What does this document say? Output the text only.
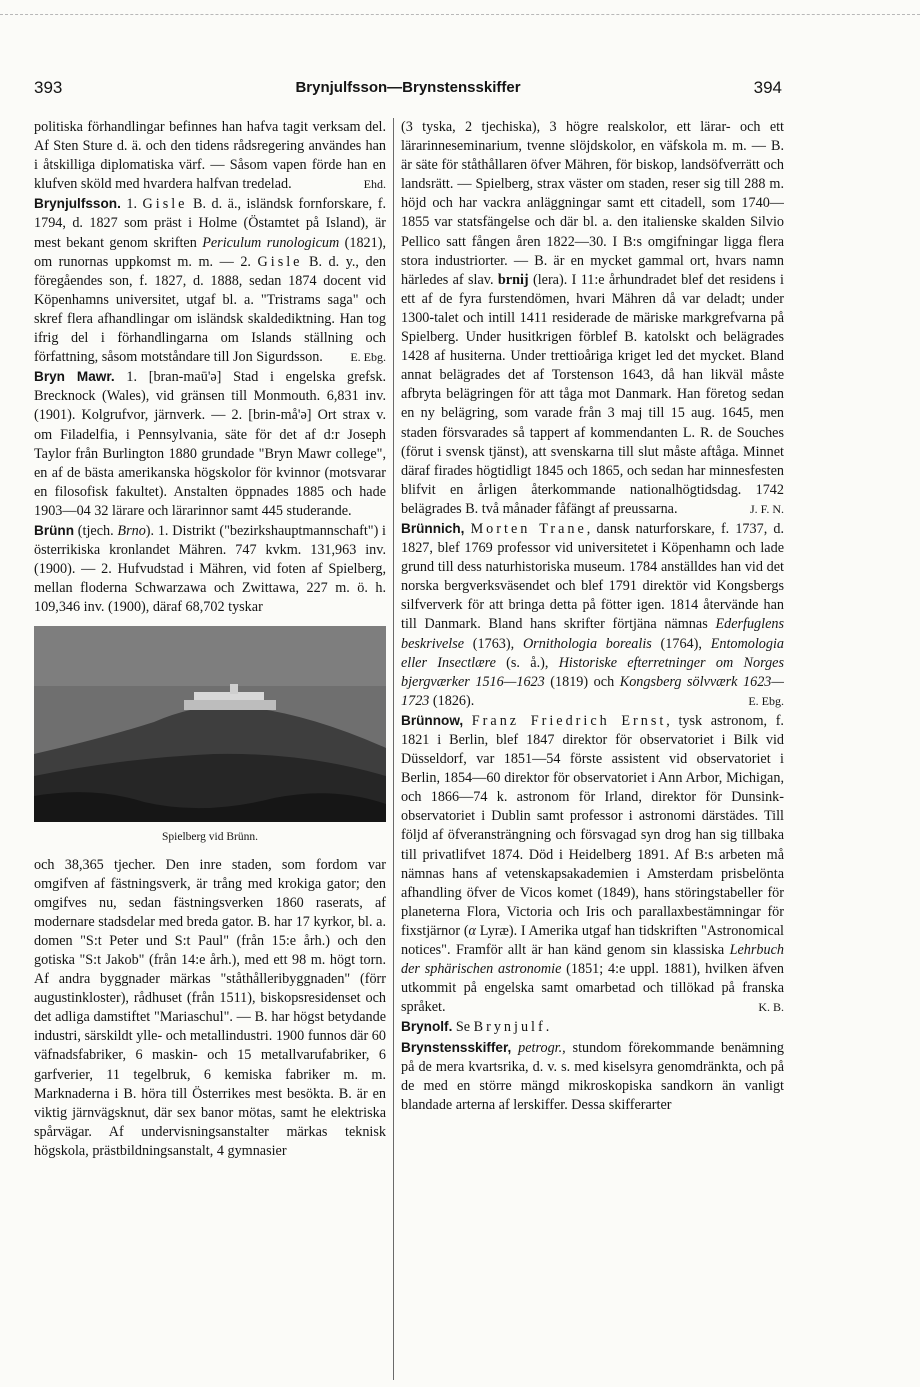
393	Brynjulfsson—Brynstensskiffer	394

politiska förhandlingar befinnes han hafva tagit verksam del. Af Sten Sture d. ä. och den tidens rådsregering användes han i åtskilliga diplomatiska värf. — Såsom vapen förde han en klufven sköld med hvardera halfvan tredelad.	Ehd.

Brynjulfsson. 1. Gisle B. d. ä., isländsk fornforskare, f. 1794, d. 1827 som präst i Holme (Östamtet på Island), är mest bekant genom skriften Periculum runologicum (1821), om runornas uppkomst m. m. — 2. Gisle B. d. y., den föregåendes son, f. 1827, d. 1888, sedan 1874 docent vid Köpenhamns universitet, utgaf bl. a. "Tristrams saga" och skref flera afhandlingar om isländsk skaldediktning. Han tog ifrig del i förhandlingarna om Islands ställning och författning, såsom motståndare till Jon Sigurdsson. E. Ebg.

Bryn Mawr. 1. [bran-maū'ə] Stad i engelska grefsk. Brecknock (Wales), vid gränsen till Monmouth. 6,831 inv. (1901). Kolgrufvor, järnverk. — 2. [brin-må'ə] Ort strax v. om Filadelfia, i Pennsylvania, säte för det af d:r Joseph Taylor från Burlington 1880 grundade "Bryn Mawr college", en af de bästa amerikanska högskolor för kvinnor (motsvarar en filosofisk fakultet). Anstalten öppnades 1885 och hade 1903—04 32 lärare och lärarinnor samt 445 studerande.

Brünn (tjech. Brno). 1. Distrikt ("bezirkshauptmannschaft") i österrikiska kronlandet Mähren. 747 kvkm. 131,963 inv. (1900). — 2. Hufvudstad i Mähren, vid foten af Spielberg, mellan floderna Schwarzawa och Zwittawa, 227 m. ö. h. 109,346 inv. (1900), däraf 68,702 tyskar

Spielberg vid Brünn.

och 38,365 tjecher. Den inre staden, som fordom var omgifven af fästningsverk, är trång med krokiga gator; den omgifves nu, sedan fästningsverken 1860 raserats, af modernare stadsdelar med breda gator. B. har 17 kyrkor, bl. a. domen "S:t Peter und S:t Paul" (från 15:e årh.) och den gotiska "S:t Jakob" (från 14:e årh.), med ett 98 m. högt torn. Af andra byggnader märkas "ståthålleribyggnaden" (förr augustinkloster), rådhuset (från 1511), biskopsresidenset och det adliga damstiftet "Mariaschul". — B. har högst betydande industri, särskildt ylle- och metallindustri. 1900 funnos där 60 väfnadsfabriker, 6 maskin- och 15 metallvarufabriker, 6 garfverier, 11 tegelbruk, 6 kemiska fabriker m. m. Marknaderna i B. höra till Österrikes mest besökta. B. är en viktig järnvägsknut, där sex banor mötas, samt he elektriska spårvägar. Af undervisningsanstalter märkas teknisk högskola, prästbildningsanstalt, 4 gymnasier

(3 tyska, 2 tjechiska), 3 högre realskolor, ett lärar- och ett lärarinneseminarium, tvenne slöjdskolor, en väfskola m. m. — B. är säte för ståthållaren öfver Mähren, för biskop, landsöfverrätt och landsrätt. — Spielberg, strax väster om staden, reser sig till 288 m. höjd och har vackra anläggningar samt ett citadell, som 1740—1855 var statsfängelse och där bl. a. den italienske skalden Silvio Pellico satt fången åren 1822—30. I B:s omgifningar ligga flera stora industriorter. — B. är en mycket gammal ort, hvars namn härledes af slav. brnij (lera). I 11:e århundradet blef det residens i ett af de fyra furstendömen, hvari Mähren då var deladt; under 1300-talet och intill 1411 residerade de märiske markgrefvarna på Spielberg. Under husitkrigen förblef B. katolskt och belägrades 1428 af husiterna. Under trettioåriga kriget led det mycket. Bland annat belägrades det af Torstenson 1643, då han likväl måste afbryta belägringen för att tåga mot Danmark. Han företog sedan en ny belägring, som varade från 3 maj till 15 aug. 1645, men staden försvarades så tappert af kommendanten L. R. de Souches (förut i svensk tjänst), att svenskarna till slut måste aftåga. Minnet däraf firades högtidligt 1845 och 1865, och sedan har minnesfesten blifvit en årligen återkommande nationalhögtidsdag. 1742 belägrades B. två månader fåfängt af preussarna.	J. F. N.

Brünnich, Morten Trane, dansk naturforskare, f. 1737, d. 1827, blef 1769 professor vid universitetet i Köpenhamn och lade grund till dess naturhistoriska museum. 1784 anställdes han vid det norska bergverksväsendet och blef 1791 direktör vid Kongsbergs silfververk för att bringa detta på fötter igen. 1814 återvände han till Danmark. Bland hans skrifter förtjäna nämnas Ederfuglens beskrivelse (1763), Ornithologia borealis (1764), Entomologia eller Insectlære (s. å.), Historiske efterretninger om Norges bjergværker 1516—1623 (1819) och Kongsberg sölvværk 1623—1723 (1826).	E. Ebg.

Brünnow, Franz Friedrich Ernst, tysk astronom, f. 1821 i Berlin, blef 1847 direktor för observatoriet i Bilk vid Düsseldorf, var 1851—54 förste assistent vid observatoriet i Berlin, 1854—60 direktor för observatoriet i Ann Arbor, Michigan, och 1866—74 k. astronom för Irland, direktor för Dunsink-observatoriet i Dublin samt professor i astronomi därstädes. Till följd af öfveransträngning och försvagad syn drog han sig tillbaka till privatlifvet 1874. Död i Heidelberg 1891. Af B:s arbeten må nämnas hans af vetenskapsakademien i Amsterdam prisbelönta afhandling öfver de Vicos komet (1849), hans störingstabeller för planeterna Flora, Victoria och Iris och parallaxbestämningar för fixstjärnor (α Lyræ). I Amerika utgaf han tidskriften "Astronomical notices". Framför allt är han känd genom sin klassiska Lehrbuch der sphärischen astronomie (1851; 4:e uppl. 1881), hvilken äfven utkommit på engelska samt omarbetad och tillökad på franska språket.	K. B.

Brynolf. Se Brynjulf.

Brynstensskiffer, petrogr., stundom förekommande benämning på de mera kvartsrika, d. v. s. med kiselsyra genomdränkta, och på de med en större mängd mikroskopiska sandkorn än vanligt blandade arterna af lerskiffer. Dessa skifferarter
